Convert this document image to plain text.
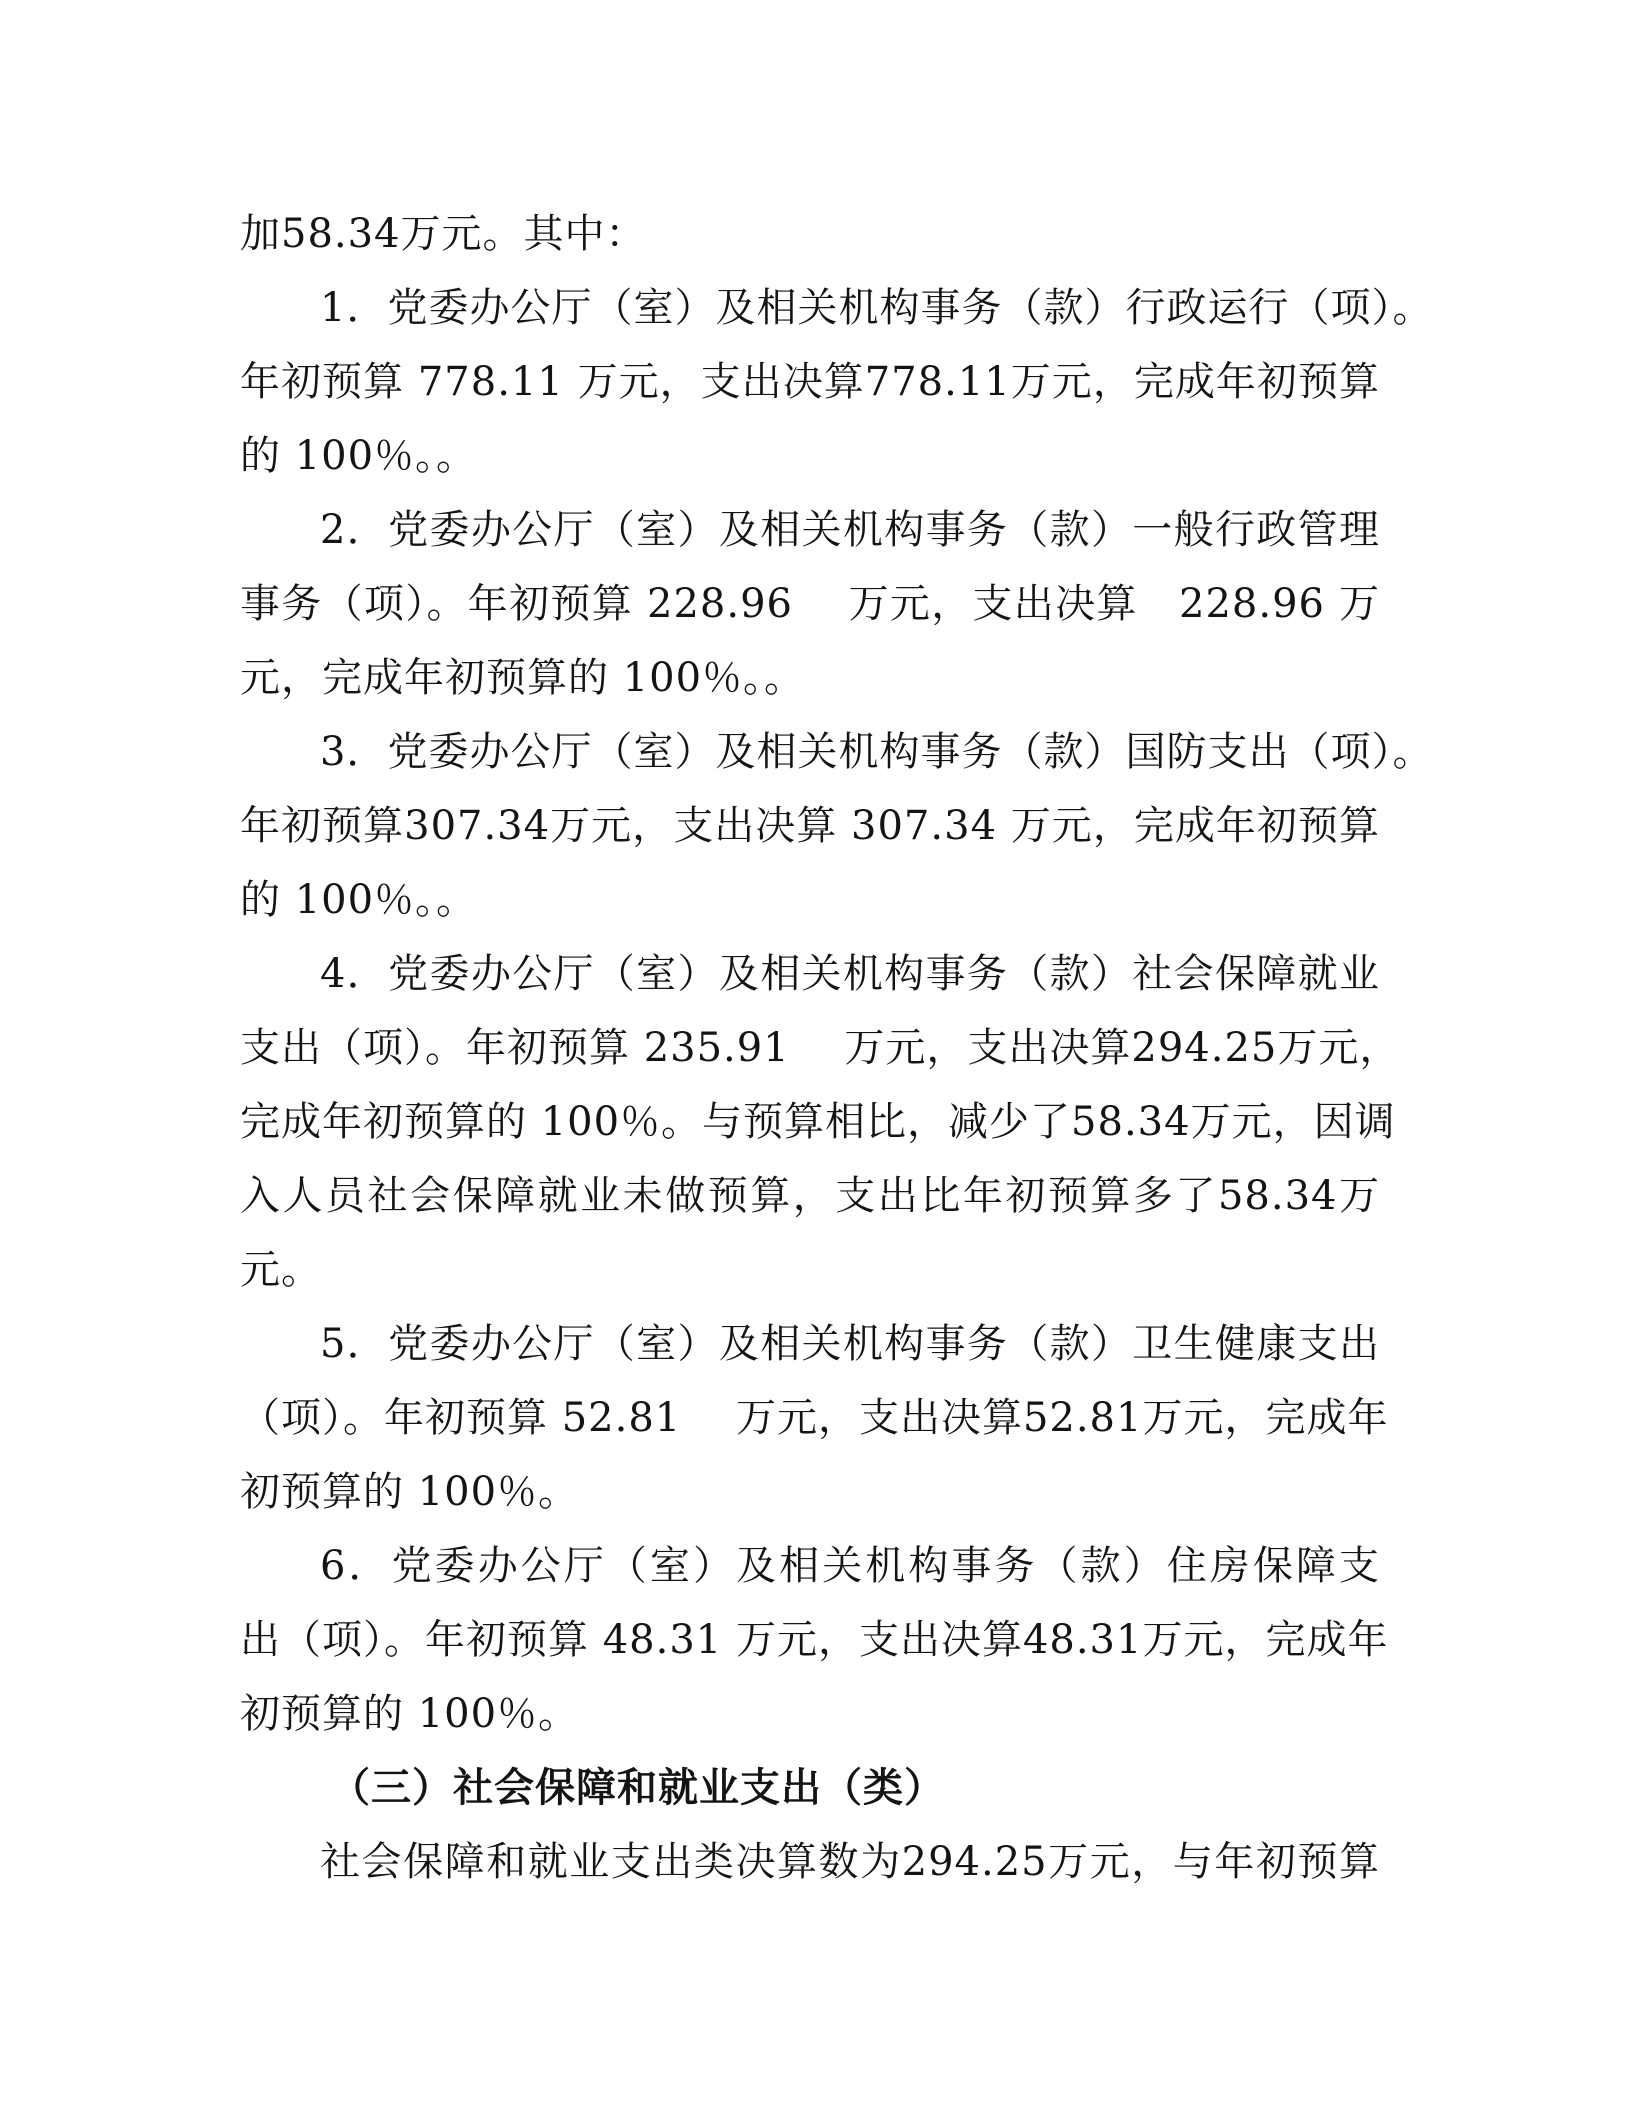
加58.34万元。其中：
1．党委办公厅（室）及相关机构事务（款）行政运行（项）。
年初预算 778.11 万元，支出决算778.11万元，完成年初预算
的 100％。。
2．党委办公厅（室）及相关机构事务（款）一般行政管理
事务（项）。年初预算 228.96　 万元，支出决算　228.96 万
元，完成年初预算的 100％。。
3．党委办公厅（室）及相关机构事务（款）国防支出（项）。
年初预算307.34万元，支出决算 307.34 万元，完成年初预算
的 100％。。
4．党委办公厅（室）及相关机构事务（款）社会保障就业
支出（项）。年初预算 235.91　 万元，支出决算294.25万元，
完成年初预算的 100％。与预算相比，减少了58.34万元，因调
入人员社会保障就业未做预算，支出比年初预算多了58.34万
元。
5．党委办公厅（室）及相关机构事务（款）卫生健康支出
（项）。年初预算 52.81　 万元，支出决算52.81万元，完成年
初预算的 100％。
6．党委办公厅（室）及相关机构事务（款）住房保障支
出（项）。年初预算 48.31 万元，支出决算48.31万元，完成年
初预算的 100％。
（三）社会保障和就业支出（类）
社会保障和就业支出类决算数为294.25万元，与年初预算
